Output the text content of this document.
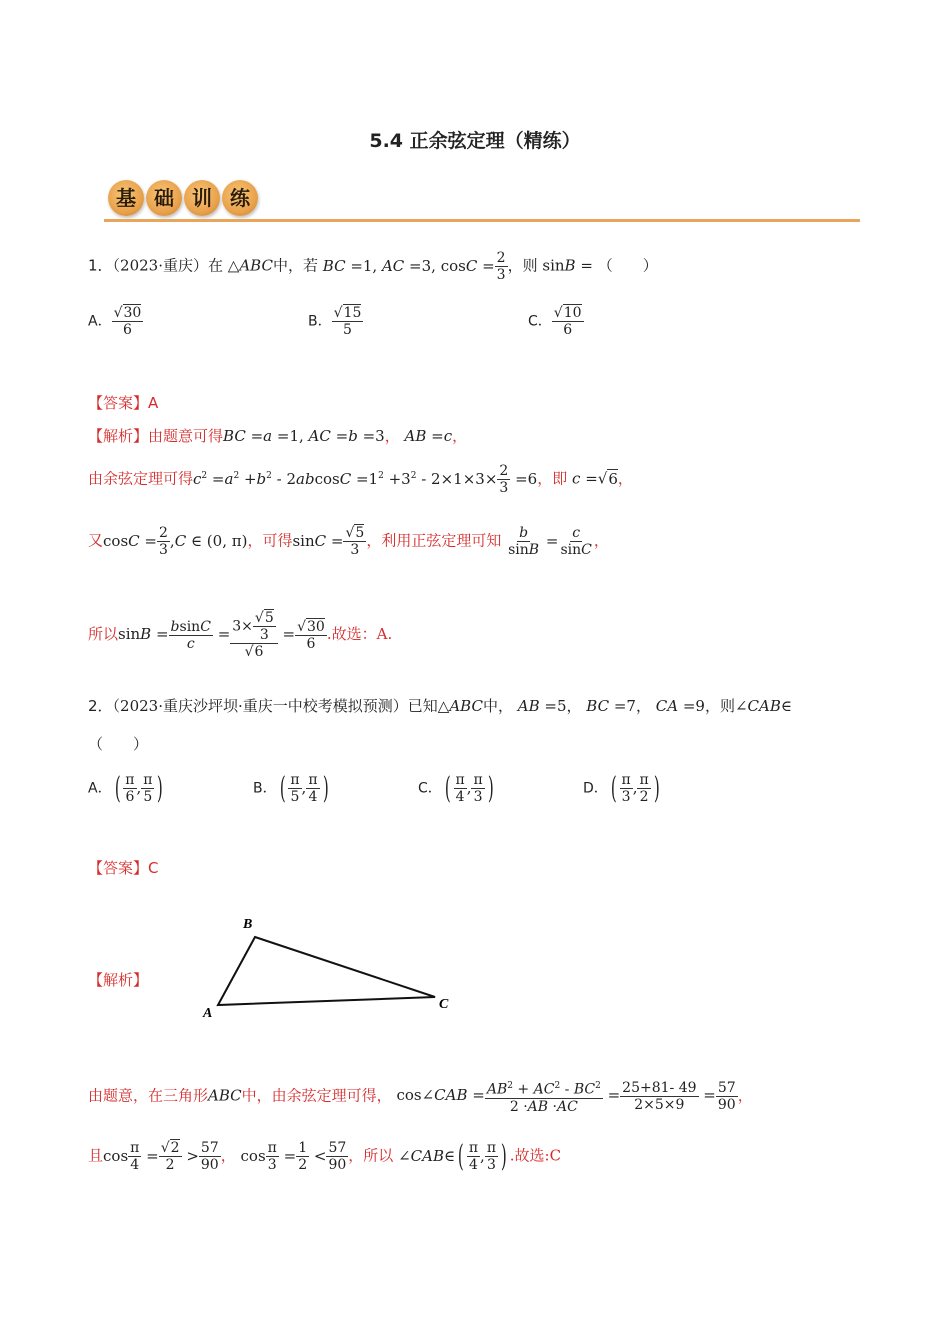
5.4 正余弦定理（精练）
基 础 训 练
1．（2023·重庆）在 △ABC中，若 BC =1, AC =3, $\cos C = \frac{2}{3}$ ，则 sinB = （　　）
A． $\frac{√30}{6}$	B． $\frac{√15}{5}$	C． $\frac{√10}{6}$
【答案】A
【解析】由题意可得BC =a =1, AC =b =3， AB =c，
由余弦定理可得$c^2 =a^2 +b^2 - 2abcosC =1^2 +3^2 - 2\times 1\times 3\times \frac{2}{3} =6$，即 c =√6，
又$\cos C = \frac{2}{3} ,C$ ∈ (0, π)，可得$\sin C = \frac{√5}{3}$ ，利用正弦定理可知 $\frac{b}{\sin B} = \frac{c}{\sin C}$ ，
所以$\sin B = \frac{bsinC}{c} = \frac{3\times \frac{√5}{3}}{√6} = \frac{√30}{6}$ .故选：A.
2．（2023·重庆沙坪坝·重庆一中校考模拟预测）已知△ABC中， AB =5， BC =7， CA =9，则∠CAB∈
（　　）
A．( $\frac{\pi}{6}$ , $\frac{\pi}{5}$ )	B．( $\frac{\pi}{5}$ , $\frac{\pi}{4}$ )	C．( $\frac{\pi}{4}$ , $\frac{\pi}{3}$ )	D．( $\frac{\pi}{3}$ , $\frac{\pi}{2}$ )
【答案】C
【解析】
A
B
C
由题意，在三角形ABC中，由余弦定理可得， cos∠CAB = $\frac{AB^2 + AC^2 - BC^2}{2 \cdot AB \cdot AC} = \frac{25+81- 49}{2\times 5\times 9} = \frac{57}{90}$ ，
且$\cos \frac{\pi}{4} = \frac{√2}{2} > \frac{57}{90}$ ， $\cos \frac{\pi}{3} = \frac{1}{2} < \frac{57}{90}$ ，所以 ∠CAB∈( $\frac{\pi}{4}$ , $\frac{\pi}{3}$ ) .故选:C
